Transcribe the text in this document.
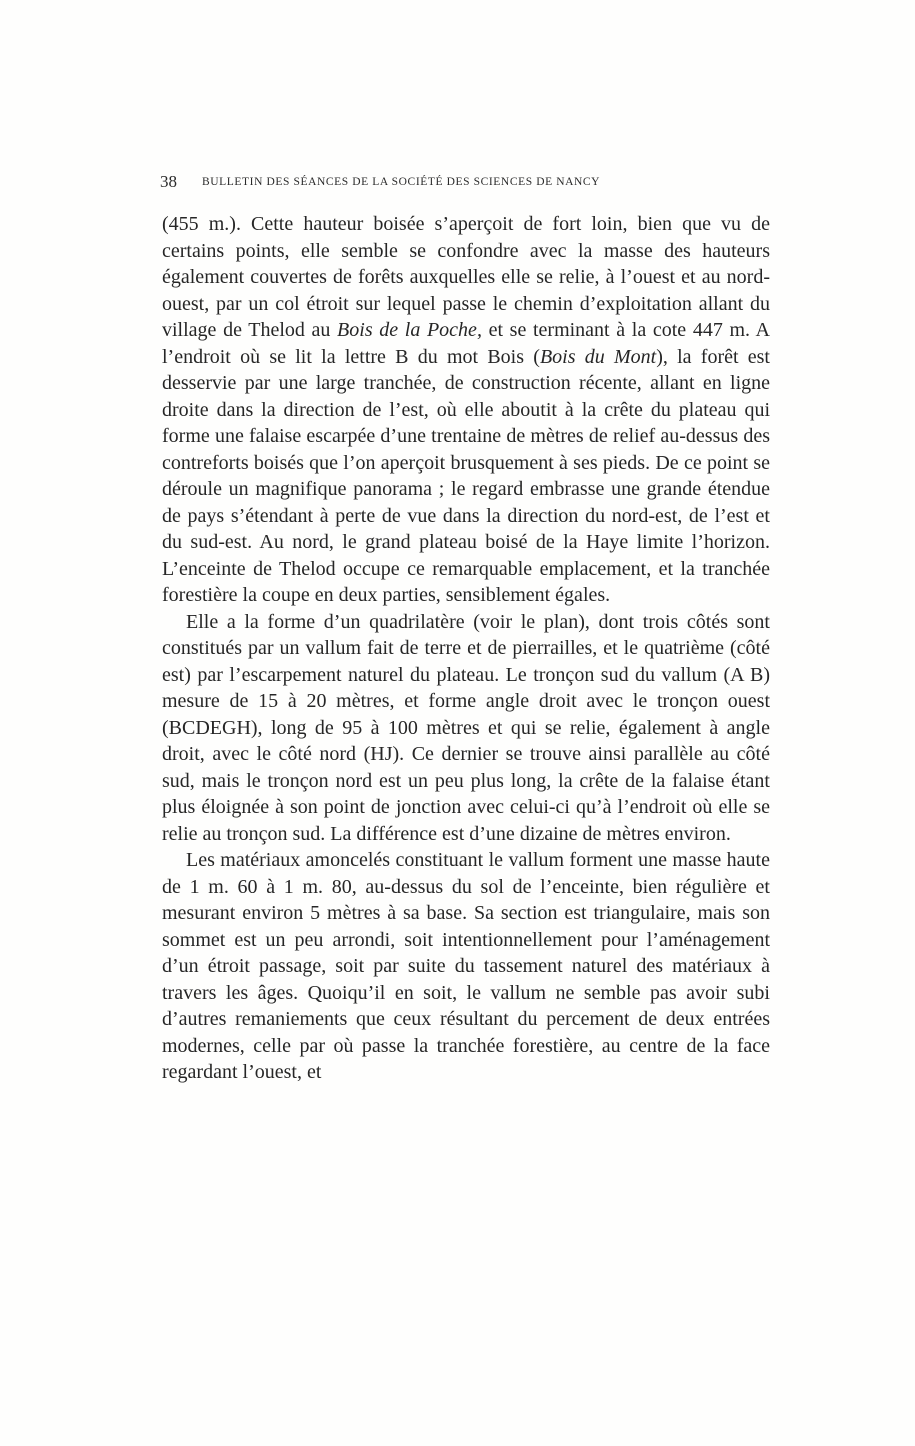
38 BULLETIN DES SÉANCES DE LA SOCIÉTÉ DES SCIENCES DE NANCY

(455 m.). Cette hauteur boisée s’aperçoit de fort loin, bien que vu de certains points, elle semble se confondre avec la masse des hauteurs également couvertes de forêts auxquelles elle se relie, à l’ouest et au nord-ouest, par un col étroit sur lequel passe le chemin d’exploitation allant du village de Thelod au Bois de la Poche, et se terminant à la cote 447 m. A l’endroit où se lit la lettre B du mot Bois (Bois du Mont), la forêt est desservie par une large tranchée, de construction récente, allant en ligne droite dans la direction de l’est, où elle aboutit à la crête du plateau qui forme une falaise escarpée d’une trentaine de mètres de relief au-dessus des contreforts boisés que l’on aperçoit brusquement à ses pieds. De ce point se déroule un magnifique panorama ; le regard embrasse une grande étendue de pays s’étendant à perte de vue dans la direction du nord-est, de l’est et du sud-est. Au nord, le grand plateau boisé de la Haye limite l’horizon. L’enceinte de Thelod occupe ce remarquable emplacement, et la tranchée forestière la coupe en deux parties, sensiblement égales.

Elle a la forme d’un quadrilatère (voir le plan), dont trois côtés sont constitués par un vallum fait de terre et de pierrailles, et le quatrième (côté est) par l’escarpement naturel du plateau. Le tronçon sud du vallum (A B) mesure de 15 à 20 mètres, et forme angle droit avec le tronçon ouest (BCDEGH), long de 95 à 100 mètres et qui se relie, également à angle droit, avec le côté nord (HJ). Ce dernier se trouve ainsi parallèle au côté sud, mais le tronçon nord est un peu plus long, la crête de la falaise étant plus éloignée à son point de jonction avec celui-ci qu’à l’endroit où elle se relie au tronçon sud. La différence est d’une dizaine de mètres environ.

Les matériaux amoncelés constituant le vallum forment une masse haute de 1 m. 60 à 1 m. 80, au-dessus du sol de l’enceinte, bien régulière et mesurant environ 5 mètres à sa base. Sa section est triangulaire, mais son sommet est un peu arrondi, soit intentionnellement pour l’aménagement d’un étroit passage, soit par suite du tassement naturel des matériaux à travers les âges. Quoiqu’il en soit, le vallum ne semble pas avoir subi d’autres remaniements que ceux résultant du percement de deux entrées modernes, celle par où passe la tranchée forestière, au centre de la face regardant l’ouest, et
